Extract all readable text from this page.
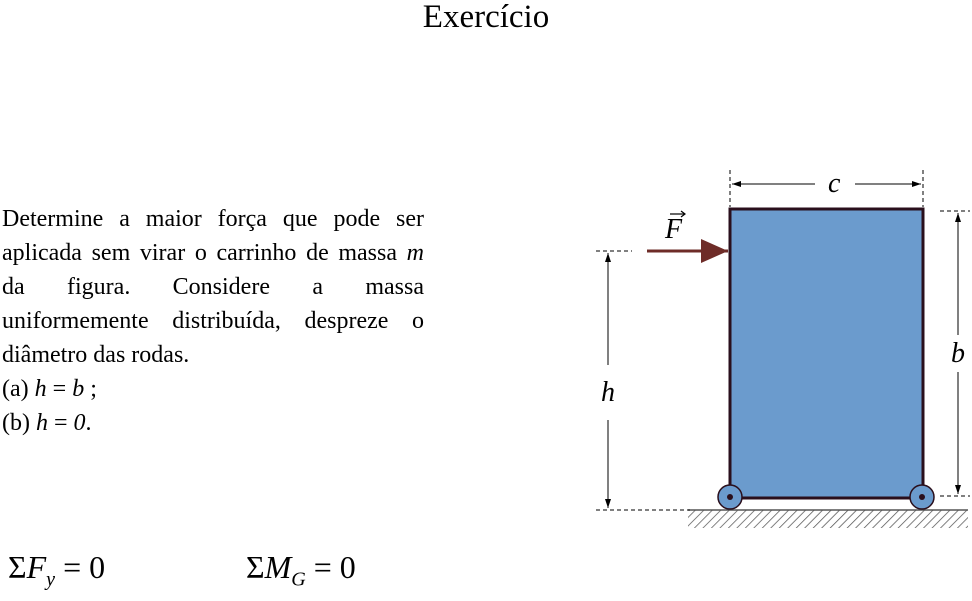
Exercício
Determine a maior força que pode ser aplicada sem virar o carrinho de massa m da figura. Considere a massa uniformemente distribuída, despreze o diâmetro das rodas.
(a) h = b ;
(b) h = 0.
$\Sigma F_y = 0$	$\Sigma M_G = 0$
F
c
b
h
